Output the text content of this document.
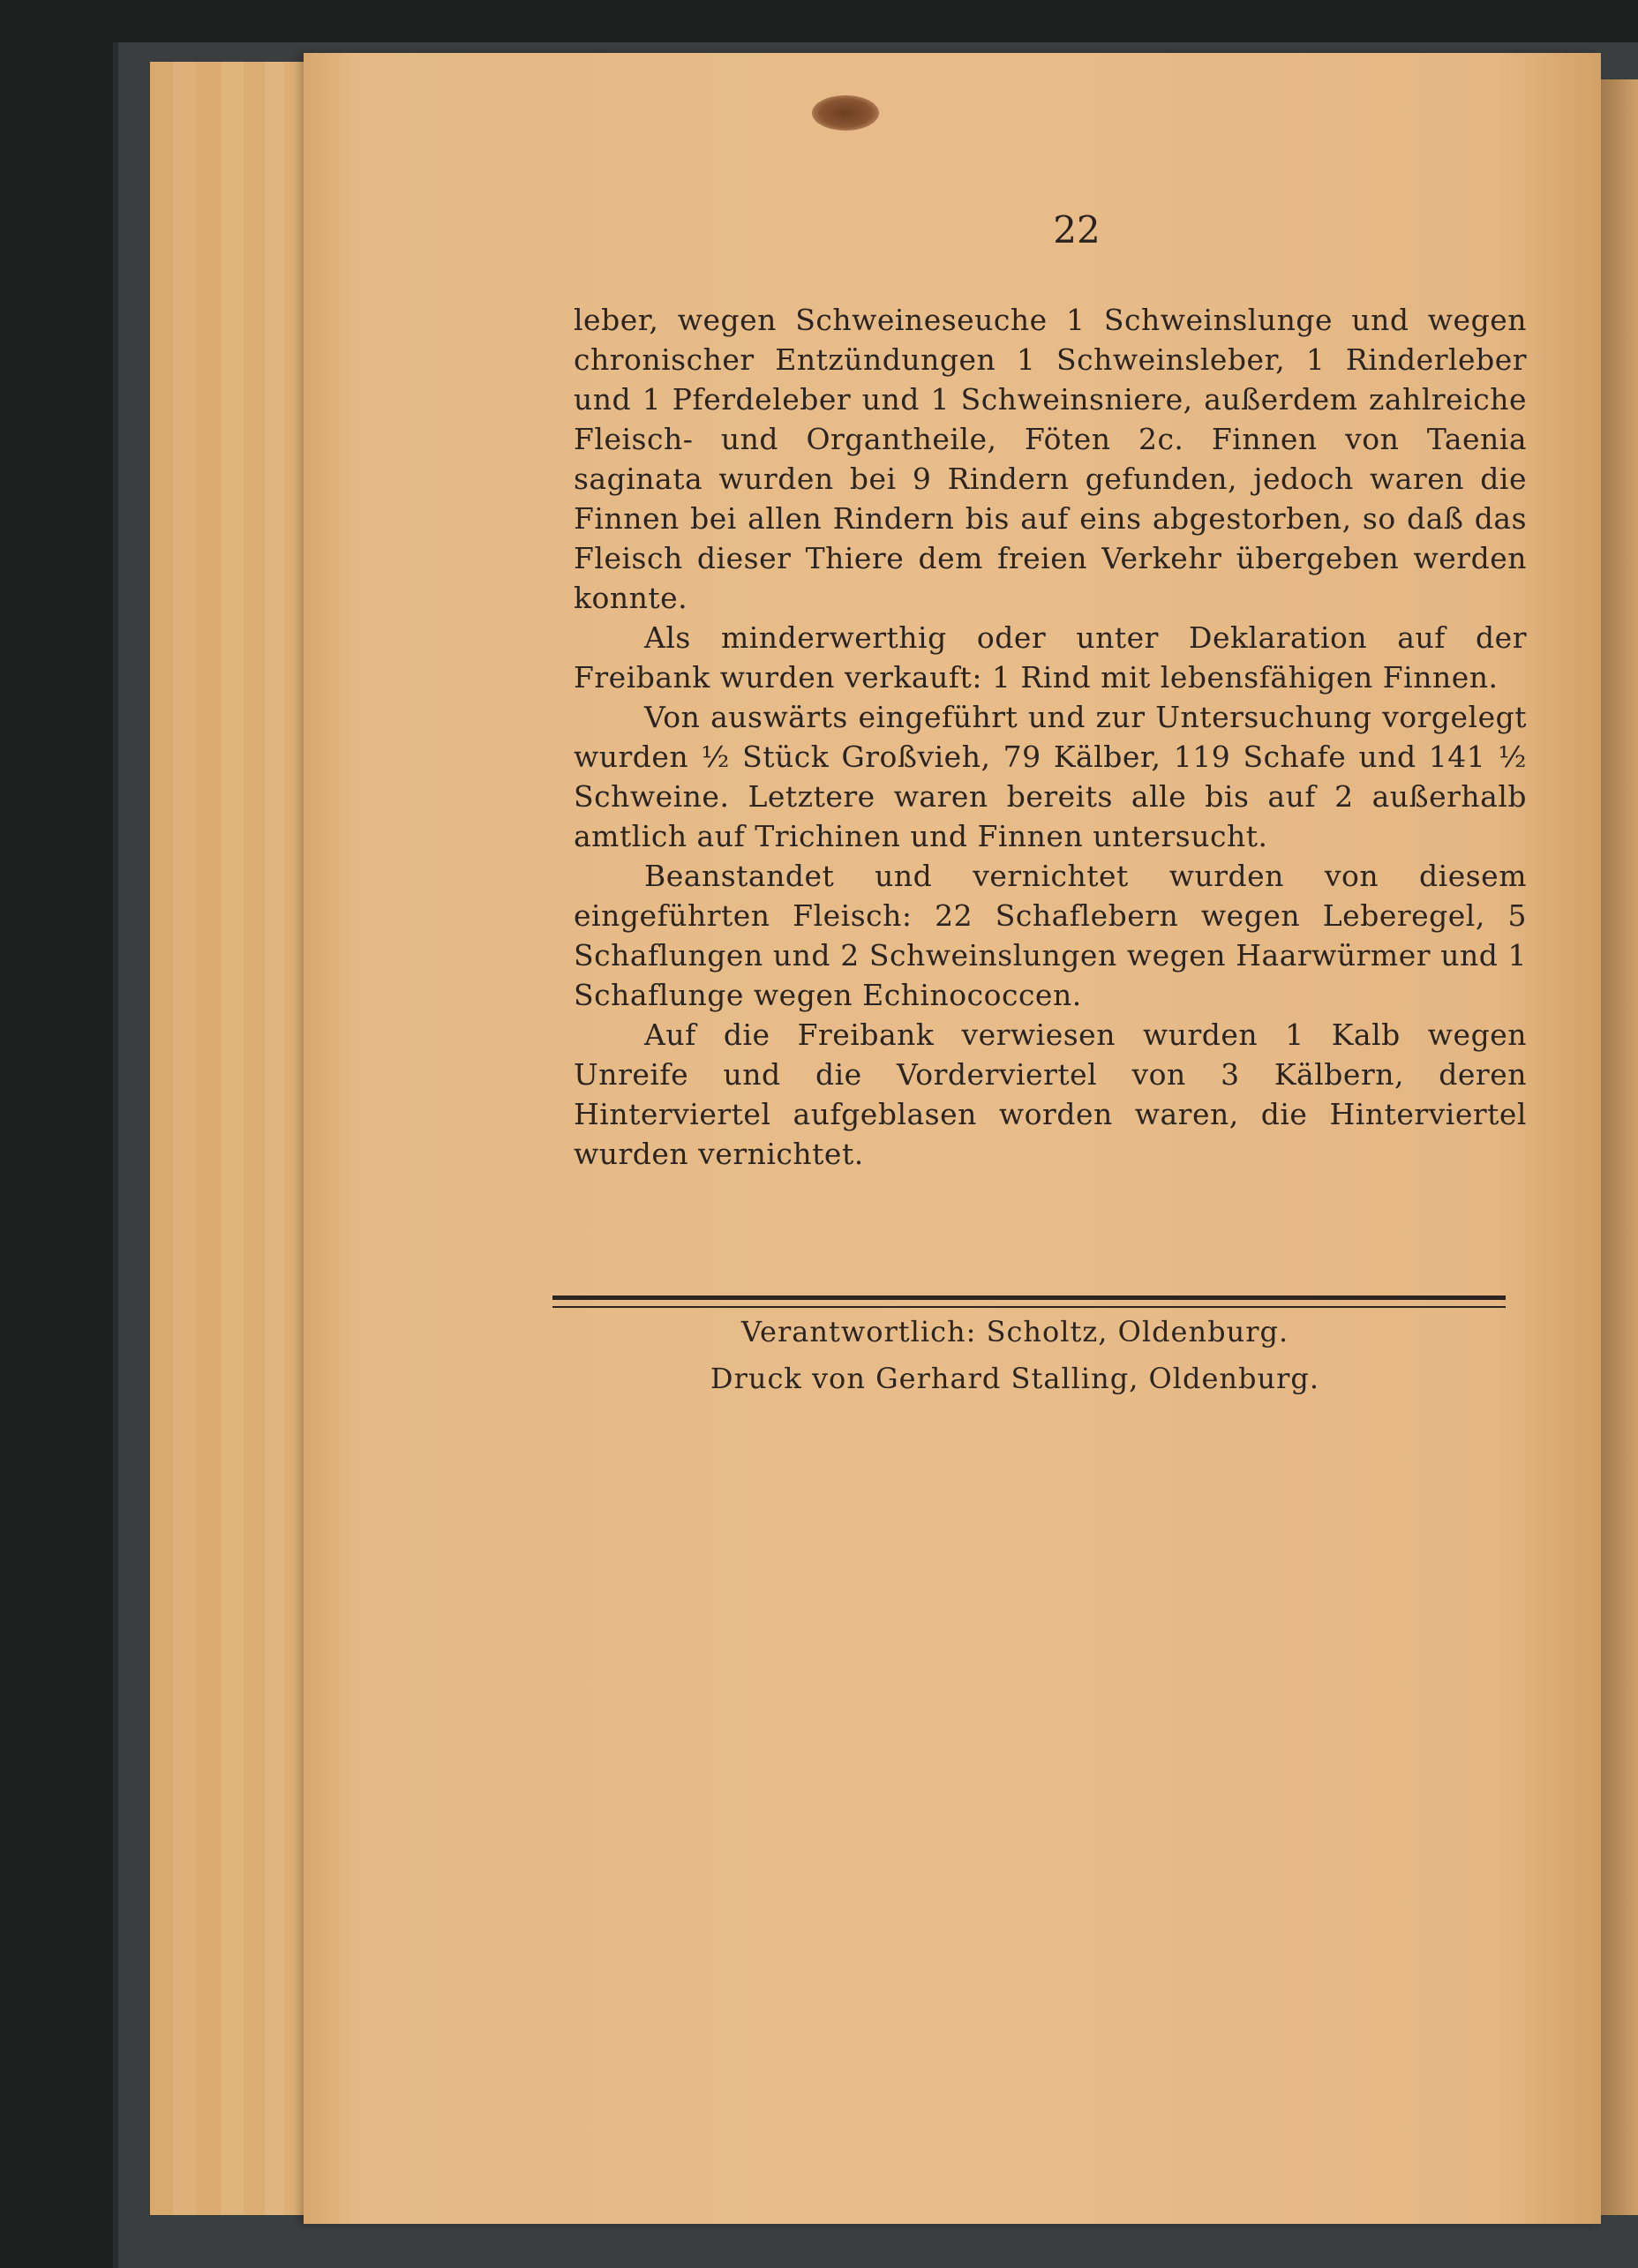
22

leber, wegen Schweineseuche 1 Schweinslunge und wegen chronischer Entzündungen 1 Schweinsleber, 1 Rinderleber und 1 Pferdeleber und 1 Schweinsniere, außerdem zahlreiche Fleisch- und Organtheile, Föten 2c. Finnen von Taenia saginata wurden bei 9 Rindern gefunden, jedoch waren die Finnen bei allen Rindern bis auf eins abgestorben, so daß das Fleisch dieser Thiere dem freien Verkehr übergeben werden konnte.

Als minderwerthig oder unter Deklaration auf der Freibank wurden verkauft: 1 Rind mit lebensfähigen Finnen.

Von auswärts eingeführt und zur Untersuchung vorgelegt wurden ½ Stück Großvieh, 79 Kälber, 119 Schafe und 141 ½ Schweine. Letztere waren bereits alle bis auf 2 außerhalb amtlich auf Trichinen und Finnen untersucht.

Beanstandet und vernichtet wurden von diesem eingeführten Fleisch: 22 Schaflebern wegen Leberegel, 5 Schaflungen und 2 Schweinslungen wegen Haarwürmer und 1 Schaflunge wegen Echinococcen.

Auf die Freibank verwiesen wurden 1 Kalb wegen Unreife und die Vorderviertel von 3 Kälbern, deren Hinterviertel aufgeblasen worden waren, die Hinterviertel wurden vernichtet.

Verantwortlich: Scholtz, Oldenburg.
Druck von Gerhard Stalling, Oldenburg.
